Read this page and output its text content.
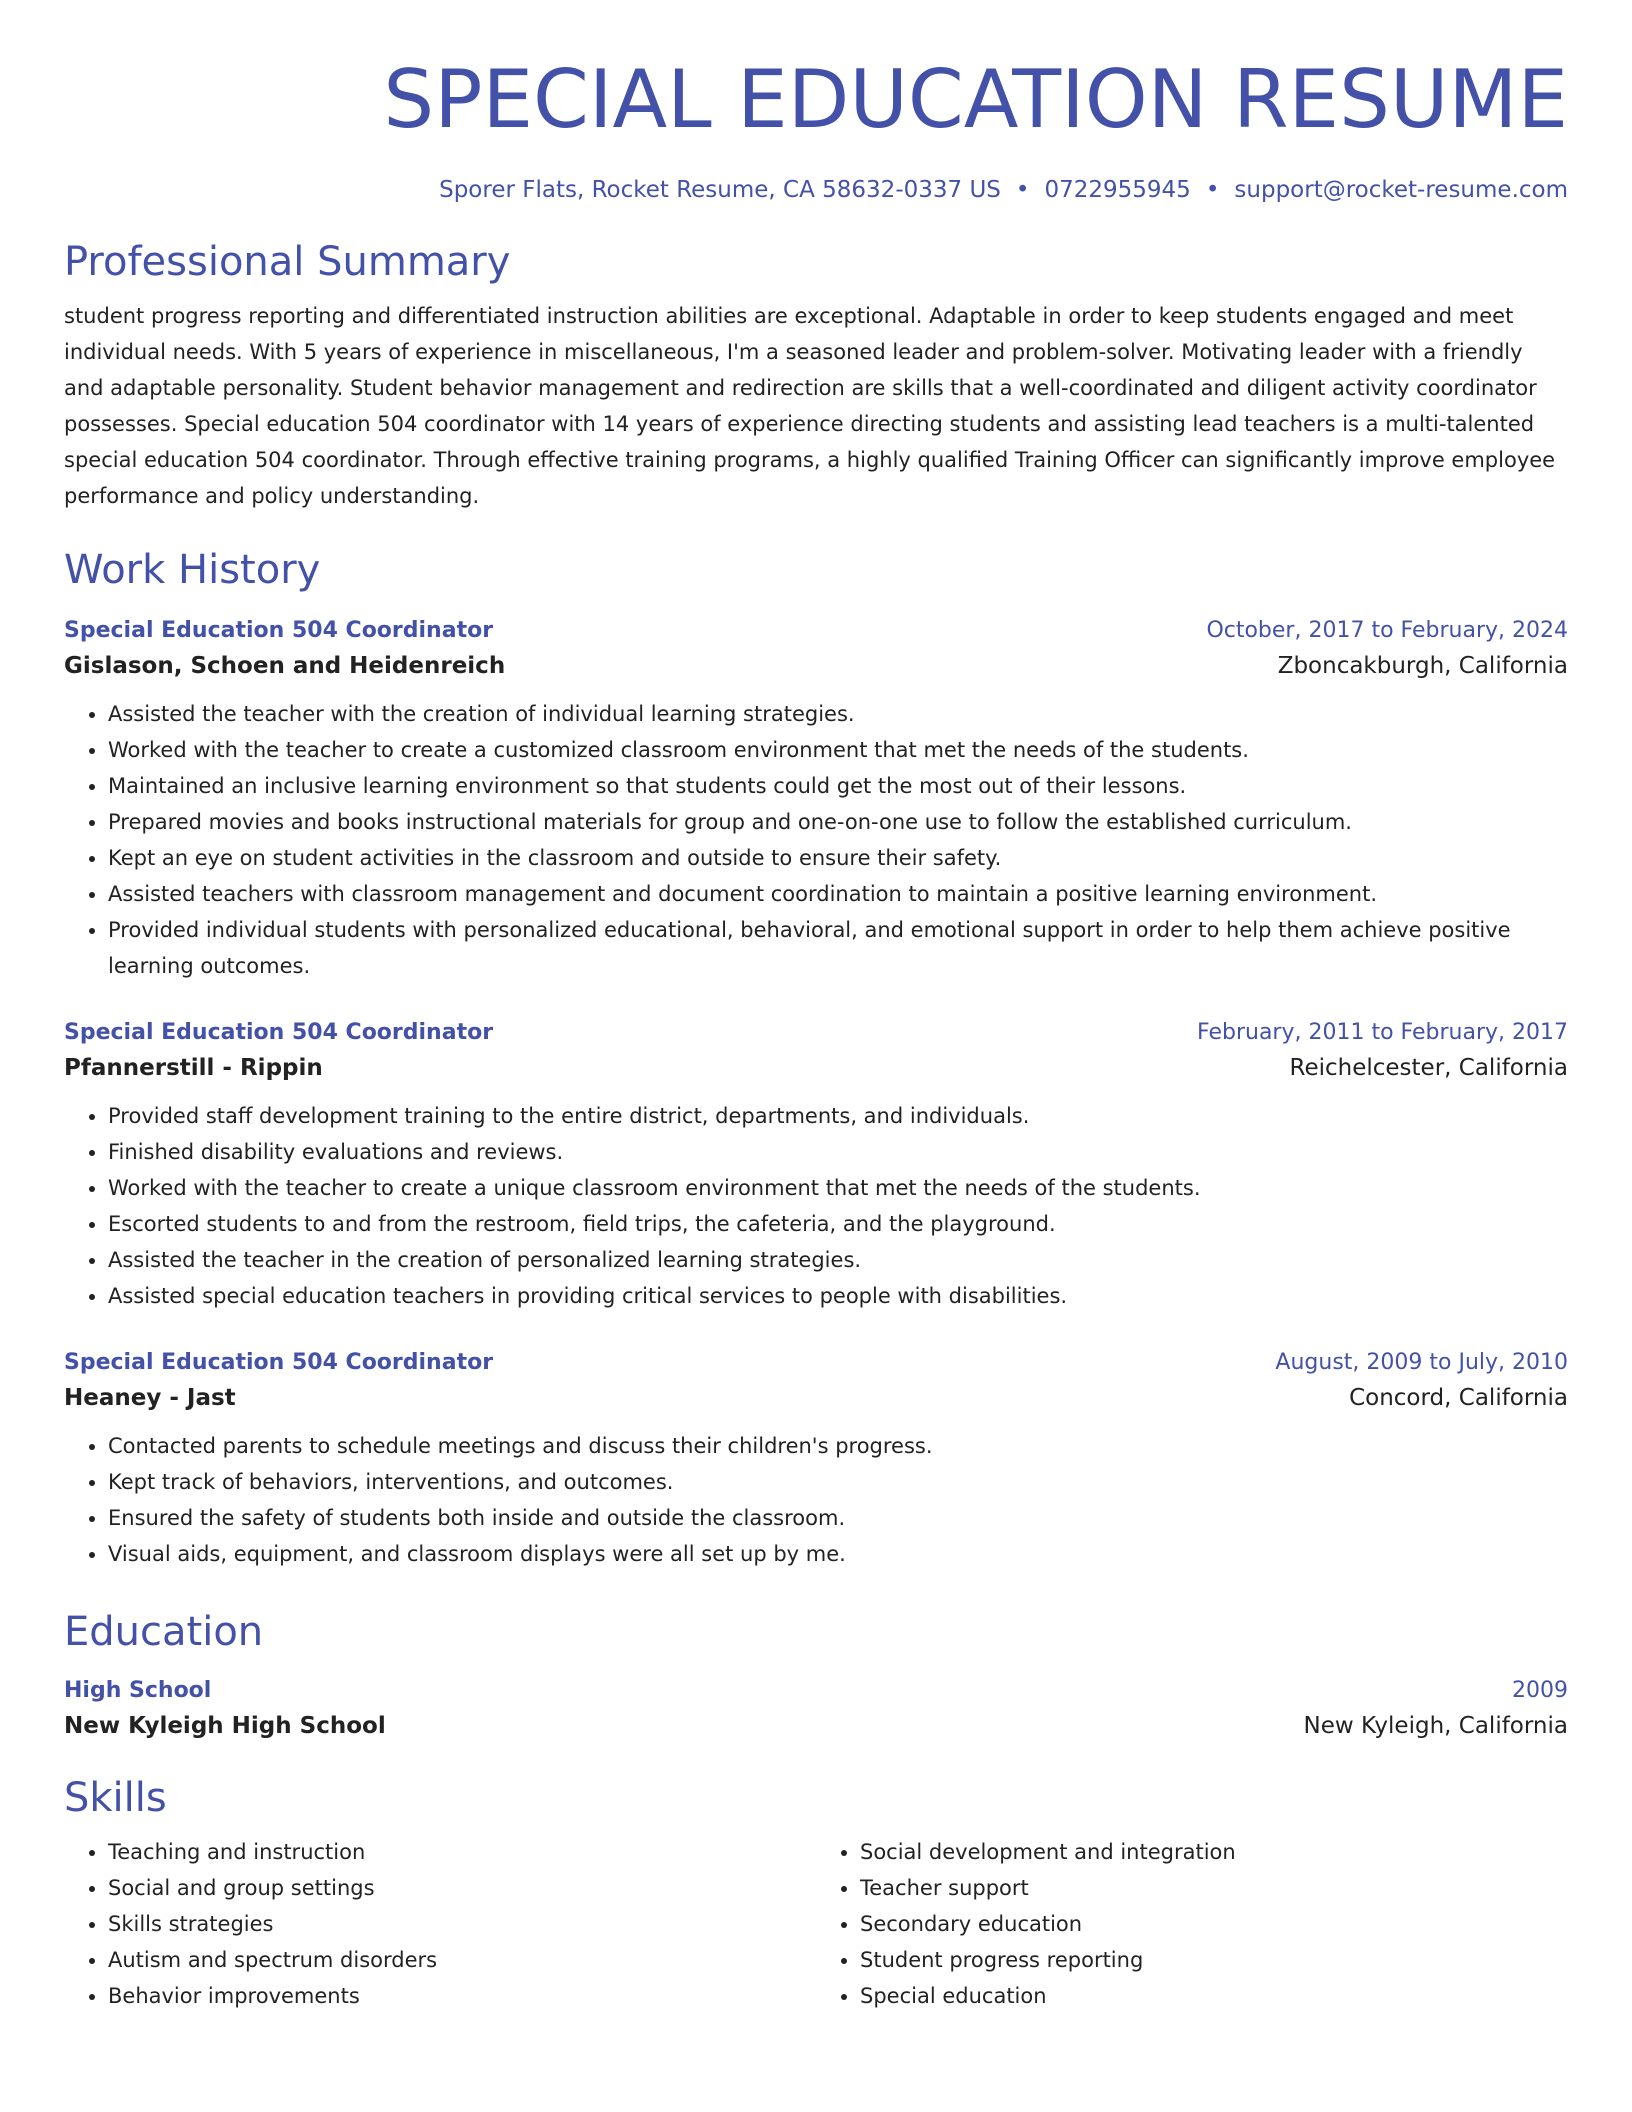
SPECIAL EDUCATION RESUME
Sporer Flats, Rocket Resume, CA 58632-0337 US • 0722955945 • support@rocket-resume.com
Professional Summary
student progress reporting and differentiated instruction abilities are exceptional. Adaptable in order to keep students engaged and meet individual needs. With 5 years of experience in miscellaneous, I'm a seasoned leader and problem-solver. Motivating leader with a friendly and adaptable personality. Student behavior management and redirection are skills that a well-coordinated and diligent activity coordinator possesses. Special education 504 coordinator with 14 years of experience directing students and assisting lead teachers is a multi-talented special education 504 coordinator. Through effective training programs, a highly qualified Training Officer can significantly improve employee performance and policy understanding.
Work History
Special Education 504 Coordinator	October, 2017 to February, 2024
Gislason, Schoen and Heidenreich	Zboncakburgh, California
• Assisted the teacher with the creation of individual learning strategies.
• Worked with the teacher to create a customized classroom environment that met the needs of the students.
• Maintained an inclusive learning environment so that students could get the most out of their lessons.
• Prepared movies and books instructional materials for group and one-on-one use to follow the established curriculum.
• Kept an eye on student activities in the classroom and outside to ensure their safety.
• Assisted teachers with classroom management and document coordination to maintain a positive learning environment.
• Provided individual students with personalized educational, behavioral, and emotional support in order to help them achieve positive learning outcomes.
Special Education 504 Coordinator	February, 2011 to February, 2017
Pfannerstill - Rippin	Reichelcester, California
• Provided staff development training to the entire district, departments, and individuals.
• Finished disability evaluations and reviews.
• Worked with the teacher to create a unique classroom environment that met the needs of the students.
• Escorted students to and from the restroom, field trips, the cafeteria, and the playground.
• Assisted the teacher in the creation of personalized learning strategies.
• Assisted special education teachers in providing critical services to people with disabilities.
Special Education 504 Coordinator	August, 2009 to July, 2010
Heaney - Jast	Concord, California
• Contacted parents to schedule meetings and discuss their children's progress.
• Kept track of behaviors, interventions, and outcomes.
• Ensured the safety of students both inside and outside the classroom.
• Visual aids, equipment, and classroom displays were all set up by me.
Education
High School	2009
New Kyleigh High School	New Kyleigh, California
Skills
• Teaching and instruction
• Social and group settings
• Skills strategies
• Autism and spectrum disorders
• Behavior improvements
• Social development and integration
• Teacher support
• Secondary education
• Student progress reporting
• Special education
